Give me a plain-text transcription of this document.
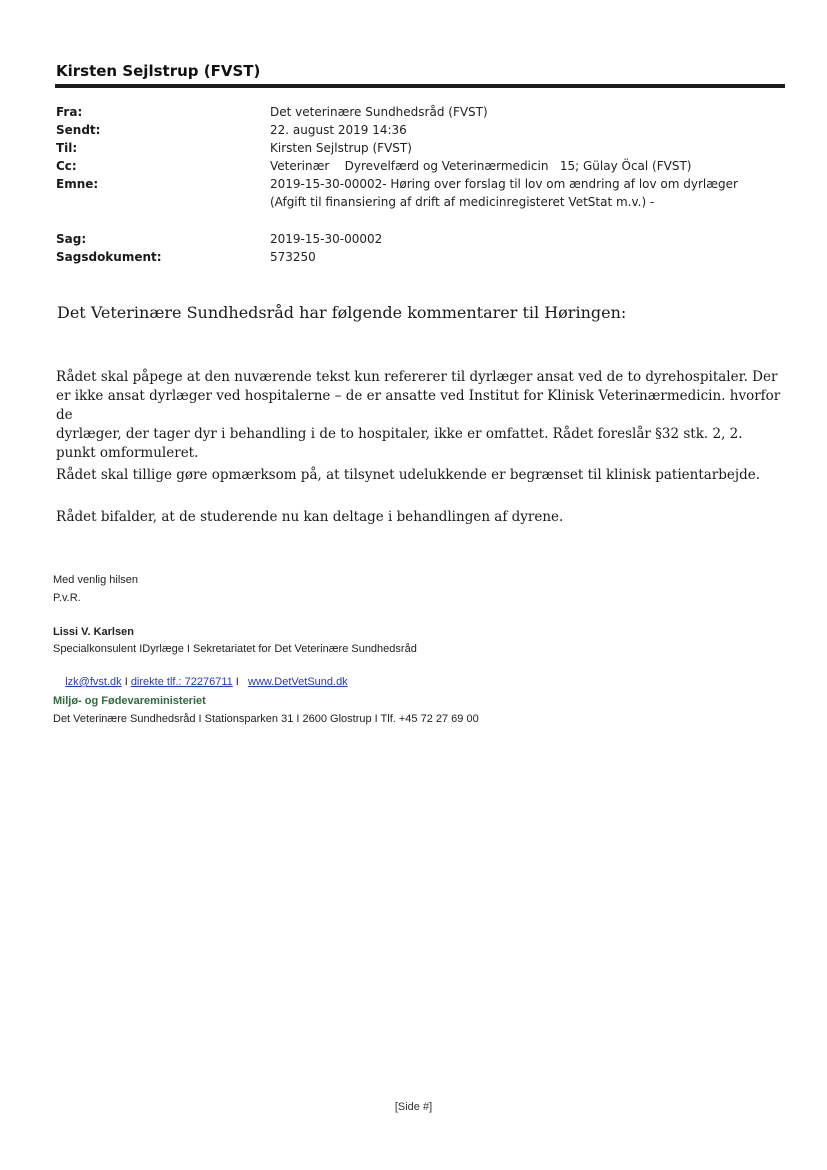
Kirsten Sejlstrup (FVST)
Fra:	Det veterinære Sundhedsråd (FVST)
Sendt:	22. august 2019 14:36
Til:	Kirsten Sejlstrup (FVST)
Cc:	Veterinær    Dyrevelfærd og Veterinærmedicin   15; Gülay Öcal (FVST)
Emne:	2019-15-30-00002- Høring over forslag til lov om ændring af lov om dyrlæger
(Afgift til finansiering af drift af medicinregisteret VetStat m.v.) -
Sag:	2019-15-30-00002
Sagsdokument:	573250
Det Veterinære Sundhedsråd har følgende kommentarer til Høringen:
Rådet skal påpege at den nuværende tekst kun refererer til dyrlæger ansat ved de to dyrehospitaler. Der
er ikke ansat dyrlæger ved hospitalerne – de er ansatte ved Institut for Klinisk Veterinærmedicin. hvorfor de
dyrlæger, der tager dyr i behandling i de to hospitaler, ikke er omfattet. Rådet foreslår §32 stk. 2, 2.
punkt omformuleret.
Rådet skal tillige gøre opmærksom på, at tilsynet udelukkende er begrænset til klinisk patientarbejde.
Rådet bifalder, at de studerende nu kan deltage i behandlingen af dyrene.
Med venlig hilsen
P.v.R.
Lissi V. Karlsen
Specialkonsulent IDyrlæge I Sekretariatet for Det Veterinære Sundhedsråd

lzk@fvst.dk I direkte tlf.: 72276711 I   www.DetVetSund.dk

Miljø- og Fødevareministeriet
Det Veterinære Sundhedsråd I Stationsparken 31 I 2600 Glostrup I Tlf. +45 72 27 69 00
[Side #]
